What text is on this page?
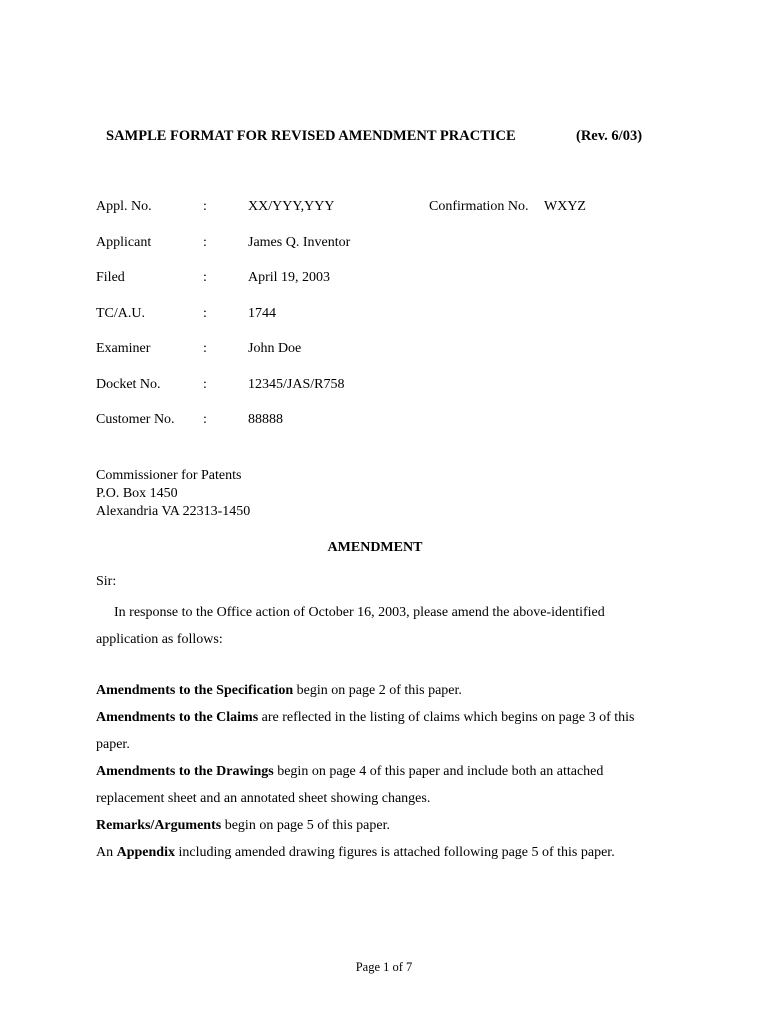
SAMPLE FORMAT FOR REVISED AMENDMENT PRACTICE	(Rev. 6/03)
Appl. No.	:	XX/YYY,YYY	Confirmation No. WXYZ
Applicant	:	James Q. Inventor
Filed	:	April 19, 2003
TC/A.U.	:	1744
Examiner	:	John Doe
Docket No.	:	12345/JAS/R758
Customer No. :	88888
Commissioner for Patents
P.O. Box 1450
Alexandria VA 22313-1450
AMENDMENT
Sir:
In response to the Office action of October 16, 2003, please amend the above-identified application as follows:

Amendments to the Specification begin on page 2 of this paper.

Amendments to the Claims are reflected in the listing of claims which begins on page 3 of this paper.

Amendments to the Drawings begin on page 4 of this paper and include both an attached replacement sheet and an annotated sheet showing changes.

Remarks/Arguments begin on page 5 of this paper.

An Appendix including amended drawing figures is attached following page 5 of this paper.

Page 1 of 7
